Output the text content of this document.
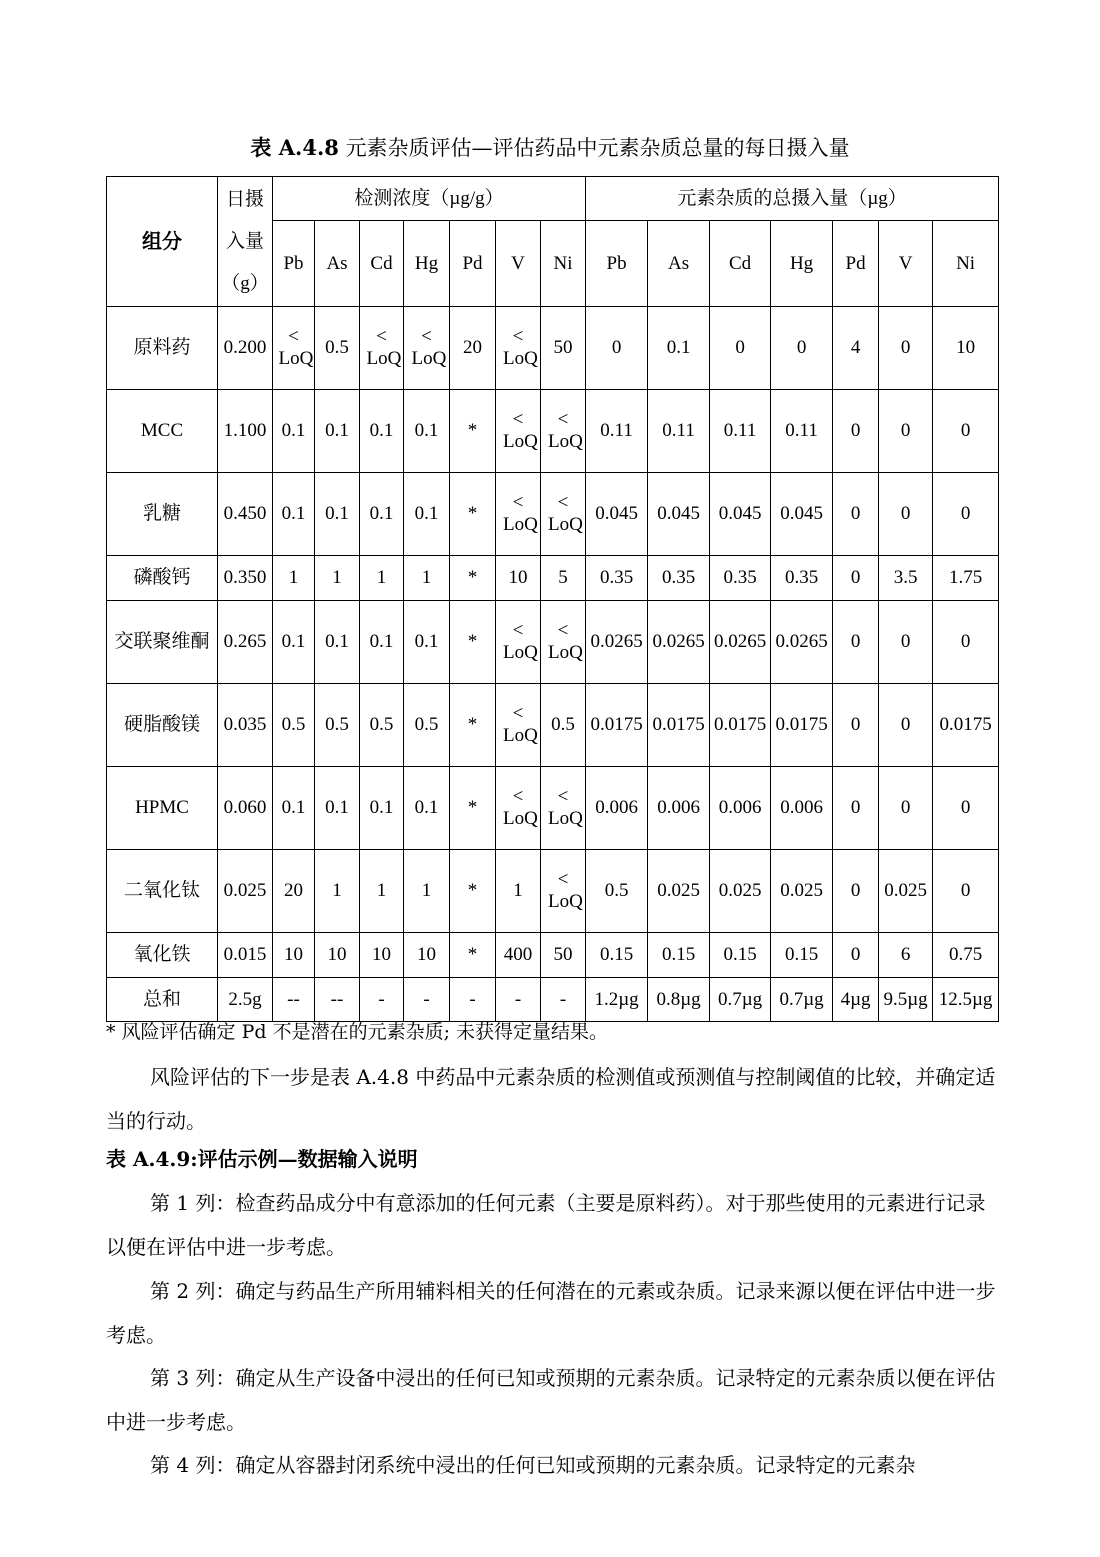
表 A.4.8 元素杂质评估—评估药品中元素杂质总量的每日摄入量
组分	日摄入量（g）	检测浓度（µg/g）							元素杂质的总摄入量（µg）						
		Pb	As	Cd	Hg	Pd	V	Ni	Pb	As	Cd	Hg	Pd	V	Ni
原料药	0.200	< LoQ	0.5	< LoQ	< LoQ	20	< LoQ	50	0	0.1	0	0	4	0	10
MCC	1.100	0.1	0.1	0.1	0.1	*	< LoQ	< LoQ	0.11	0.11	0.11	0.11	0	0	0
乳糖	0.450	0.1	0.1	0.1	0.1	*	< LoQ	< LoQ	0.045	0.045	0.045	0.045	0	0	0
磷酸钙	0.350	1	1	1	1	*	10	5	0.35	0.35	0.35	0.35	0	3.5	1.75
交联聚维酮	0.265	0.1	0.1	0.1	0.1	*	< LoQ	< LoQ	0.0265	0.0265	0.0265	0.0265	0	0	0
硬脂酸镁	0.035	0.5	0.5	0.5	0.5	*	< LoQ	0.5	0.0175	0.0175	0.0175	0.0175	0	0	0.0175
HPMC	0.060	0.1	0.1	0.1	0.1	*	< LoQ	< LoQ	0.006	0.006	0.006	0.006	0	0	0
二氧化钛	0.025	20	1	1	1	*	1	< LoQ	0.5	0.025	0.025	0.025	0	0.025	0
氧化铁	0.015	10	10	10	10	*	400	50	0.15	0.15	0.15	0.15	0	6	0.75
总和	2.5g	--	--	-	-	-	-	-	1.2µg	0.8µg	0.7µg	0.7µg	4µg	9.5µg	12.5µg
* 风险评估确定 Pd 不是潜在的元素杂质; 未获得定量结果。

风险评估的下一步是表 A.4.8 中药品中元素杂质的检测值或预测值与控制阈值的比较，并确定适当的行动。

表 A.4.9:评估示例—数据输入说明

第 1 列：检查药品成分中有意添加的任何元素（主要是原料药）。对于那些使用的元素进行记录以便在评估中进一步考虑。

第 2 列：确定与药品生产所用辅料相关的任何潜在的元素或杂质。记录来源以便在评估中进一步考虑。

第 3 列：确定从生产设备中浸出的任何已知或预期的元素杂质。记录特定的元素杂质以便在评估中进一步考虑。

第 4 列：确定从容器封闭系统中浸出的任何已知或预期的元素杂质。记录特定的元素杂
